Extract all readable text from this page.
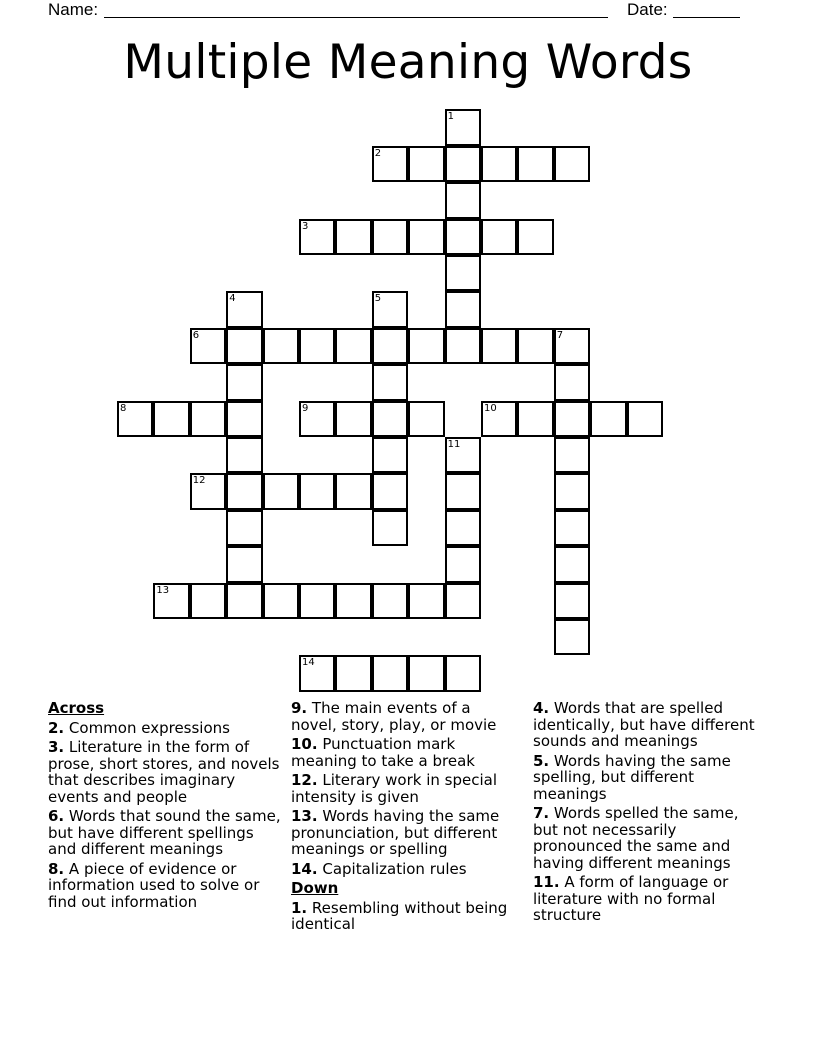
Name:	Date:
Multiple Meaning Words
1
2
3
4	5
6	7
8	9	10
11
12
13
14
Across
2. Common expressions
3. Literature in the form of prose, short stores, and novels that describes imaginary events and people
6. Words that sound the same, but have different spellings and different meanings
8. A piece of evidence or information used to solve or find out information
9. The main events of a novel, story, play, or movie
10. Punctuation mark meaning to take a break
12. Literary work in special intensity is given
13. Words having the same pronunciation, but different meanings or spelling
14. Capitalization rules
Down
1. Resembling without being identical
4. Words that are spelled identically, but have different sounds and meanings
5. Words having the same spelling, but different meanings
7. Words spelled the same, but not necessarily pronounced the same and having different meanings
11. A form of language or literature with no formal structure
